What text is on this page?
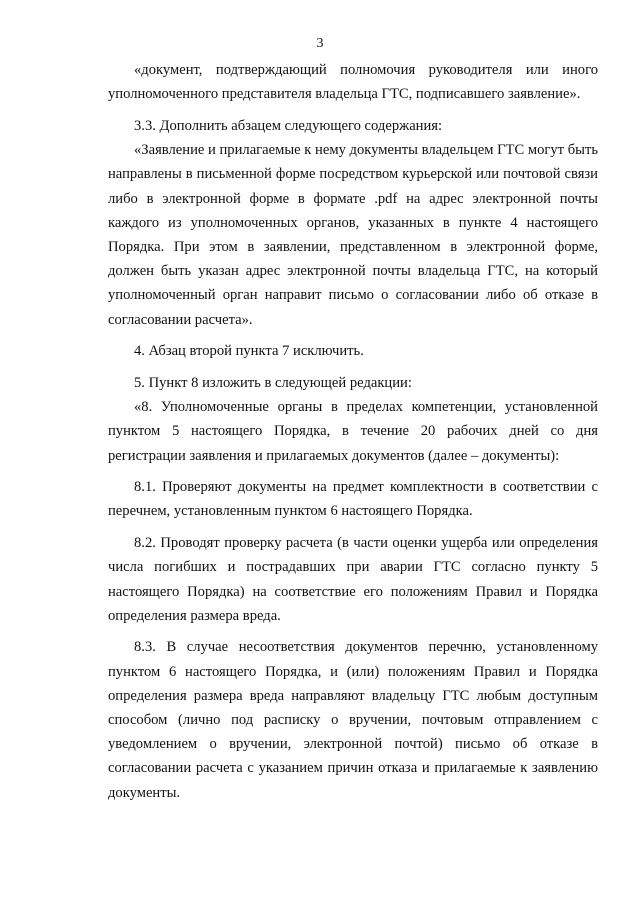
3

«документ, подтверждающий полномочия руководителя или иного уполномоченного представителя владельца ГТС, подписавшего заявление».

3.3. Дополнить абзацем следующего содержания:

«Заявление и прилагаемые к нему документы владельцем ГТС могут быть направлены в письменной форме посредством курьерской или почтовой связи либо в электронной форме в формате .pdf на адрес электронной почты каждого из уполномоченных органов, указанных в пункте 4 настоящего Порядка. При этом в заявлении, представленном в электронной форме, должен быть указан адрес электронной почты владельца ГТС, на который уполномоченный орган направит письмо о согласовании либо об отказе в согласовании расчета».

4. Абзац второй пункта 7 исключить.

5. Пункт 8 изложить в следующей редакции:

«8. Уполномоченные органы в пределах компетенции, установленной пунктом 5 настоящего Порядка, в течение 20 рабочих дней со дня регистрации заявления и прилагаемых документов (далее – документы):

8.1. Проверяют документы на предмет комплектности в соответствии с перечнем, установленным пунктом 6 настоящего Порядка.

8.2. Проводят проверку расчета (в части оценки ущерба или определения числа погибших и пострадавших при аварии ГТС согласно пункту 5 настоящего Порядка) на соответствие его положениям Правил и Порядка определения размера вреда.

8.3. В случае несоответствия документов перечню, установленному пунктом 6 настоящего Порядка, и (или) положениям Правил и Порядка определения размера вреда направляют владельцу ГТС любым доступным способом (лично под расписку о вручении, почтовым отправлением с уведомлением о вручении, электронной почтой) письмо об отказе в согласовании расчета с указанием причин отказа и прилагаемые к заявлению документы.
